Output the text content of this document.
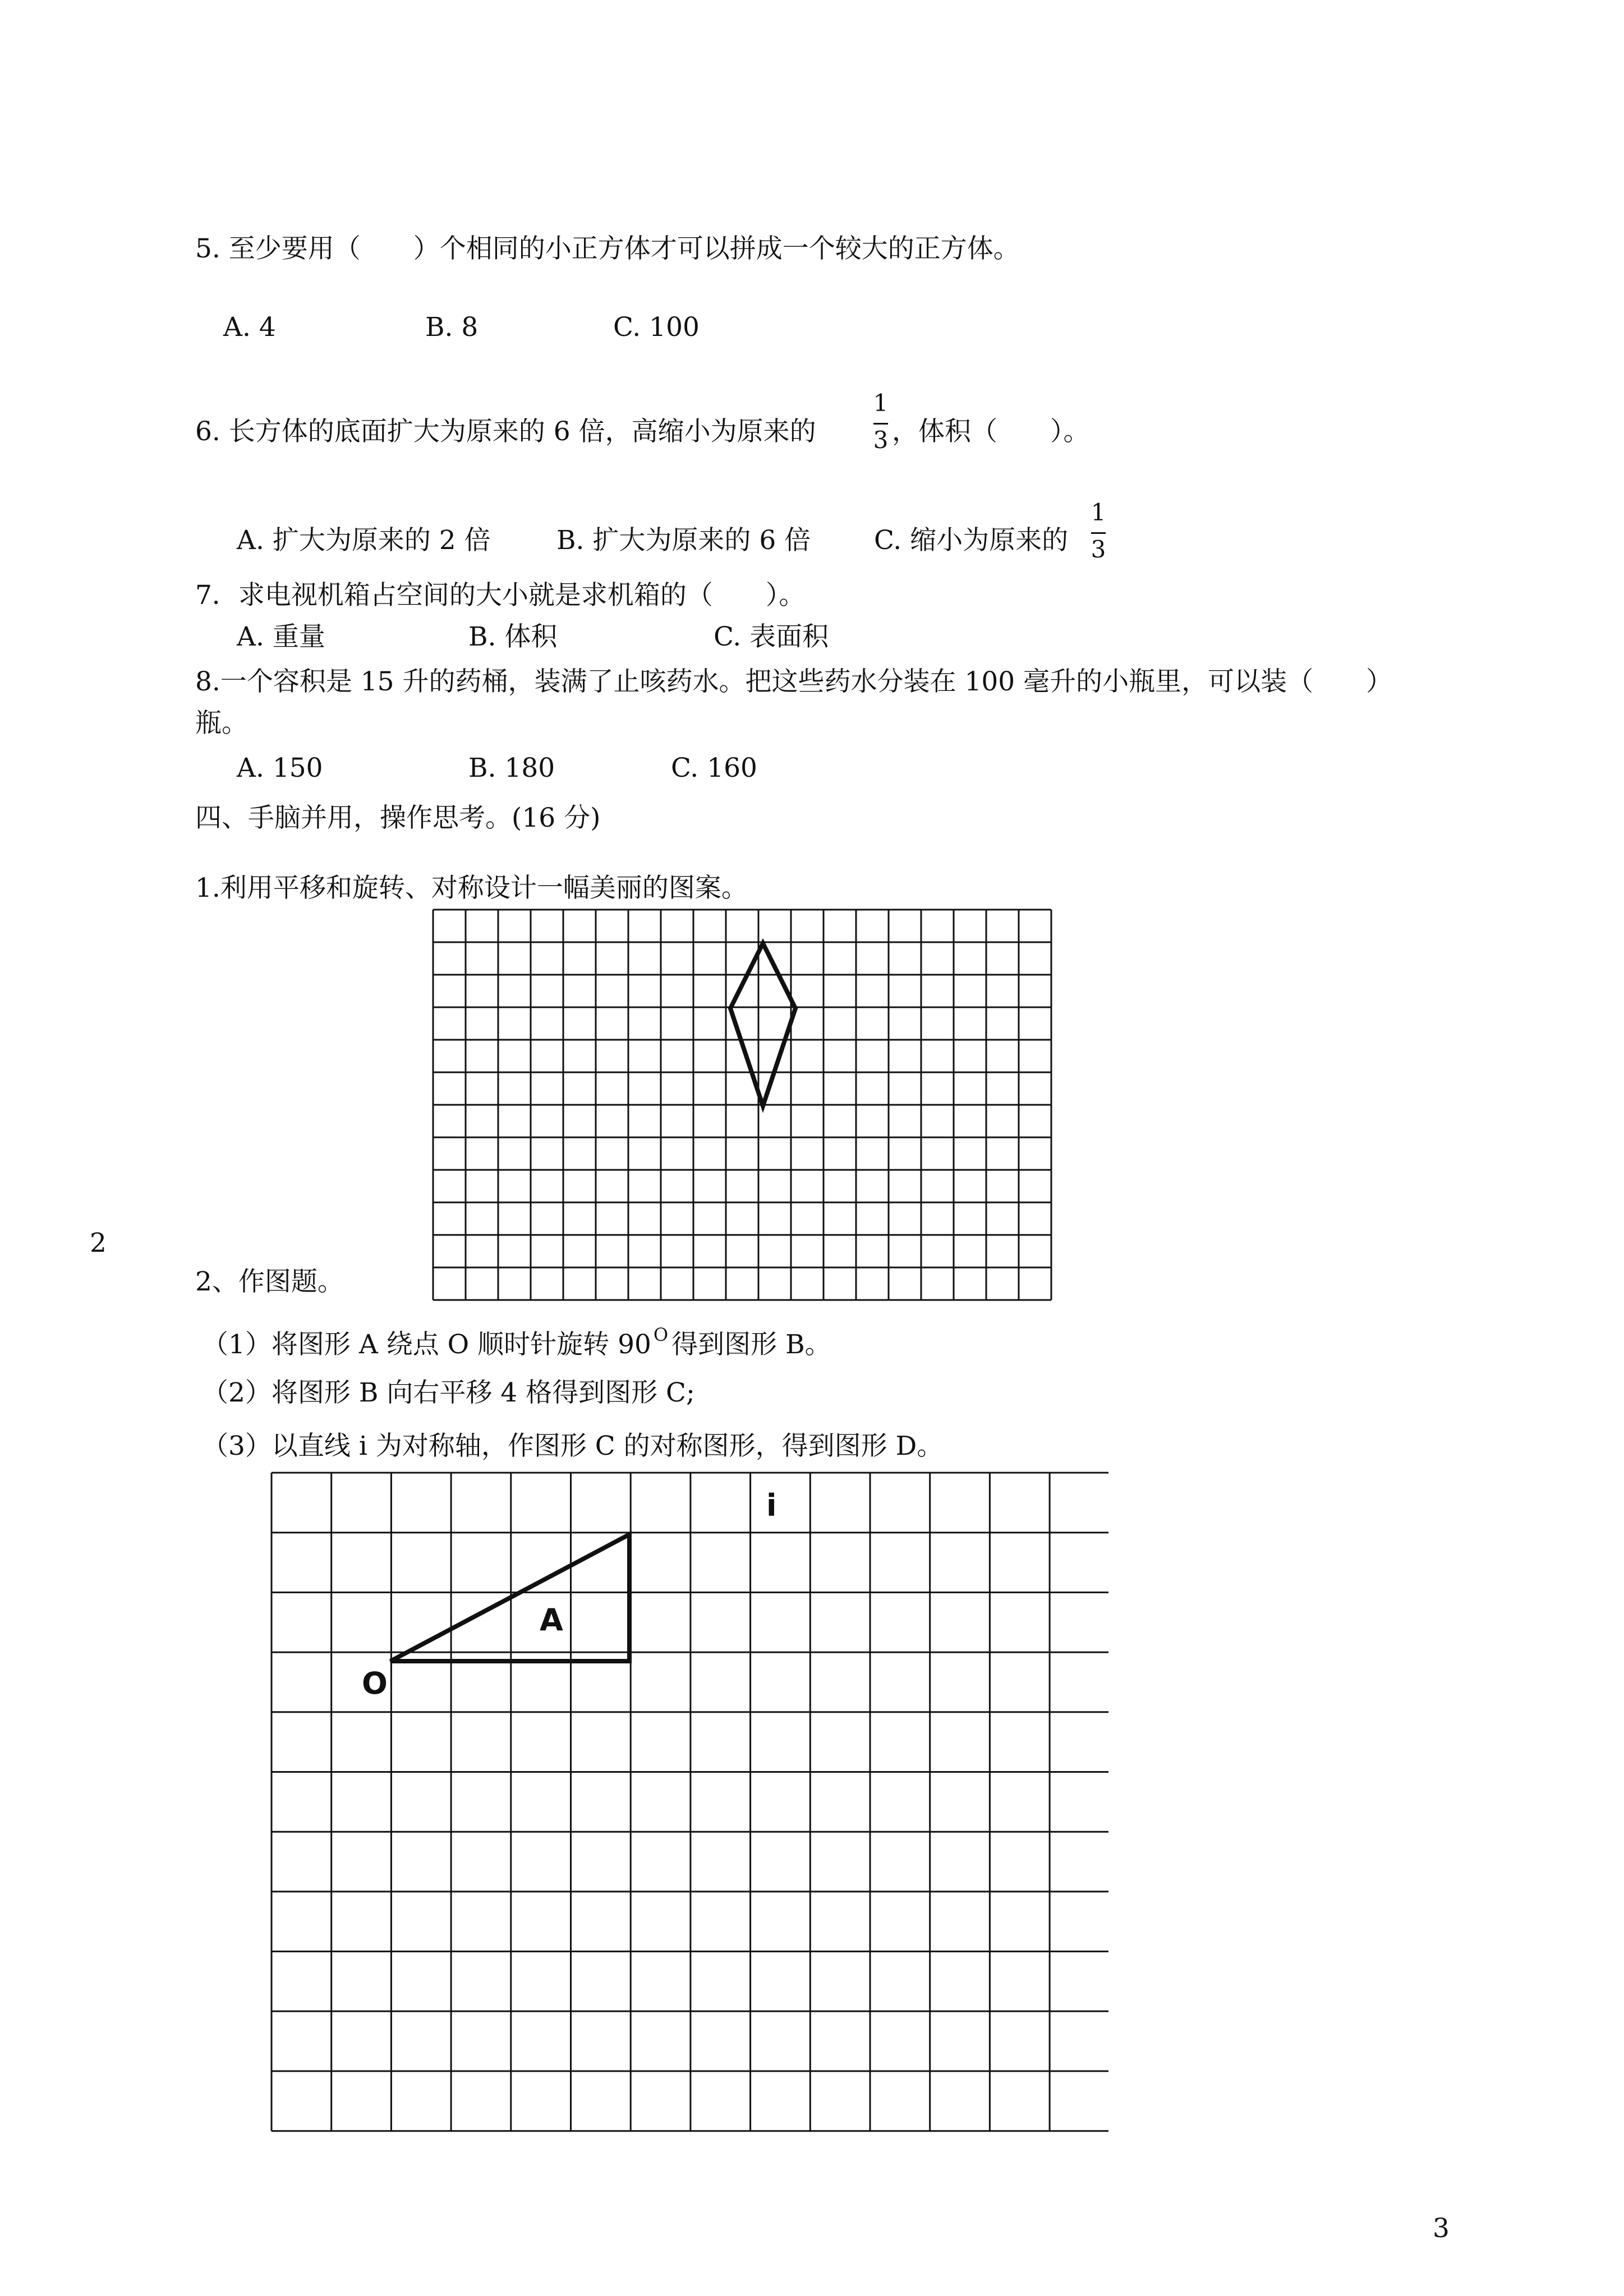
5. 至少要用（　　）个相同的小正方体才可以拼成一个较大的正方体。
A. 4	B. 8	C. 100
6. 长方体的底面扩大为原来的 6 倍，高缩小为原来的
1
3 ，体积（　　）。
A. 扩大为原来的 2 倍 B. 扩大为原来的 6 倍 C. 缩小为原来的
1
3
7．求电视机箱占空间的大小就是求机箱的（　　）。
A. 重量	B. 体积	C. 表面积
8.一个容积是 15 升的药桶，装满了止咳药水。把这些药水分装在 100 毫升的小瓶里，可以装（　　）
瓶。
A. 150	B. 180	C. 160
四、手脑并用，操作思考。(16 分)
1.利用平移和旋转、对称设计一幅美丽的图案。
2
2、作图题。
（1）将图形 A 绕点 O 顺时针旋转 90 $^O$ 得到图形 B。
（2）将图形 B 向右平移 4 格得到图形 C;
（3）以直线 i 为对称轴，作图形 C 的对称图形，得到图形 D。
O
A
i
3
